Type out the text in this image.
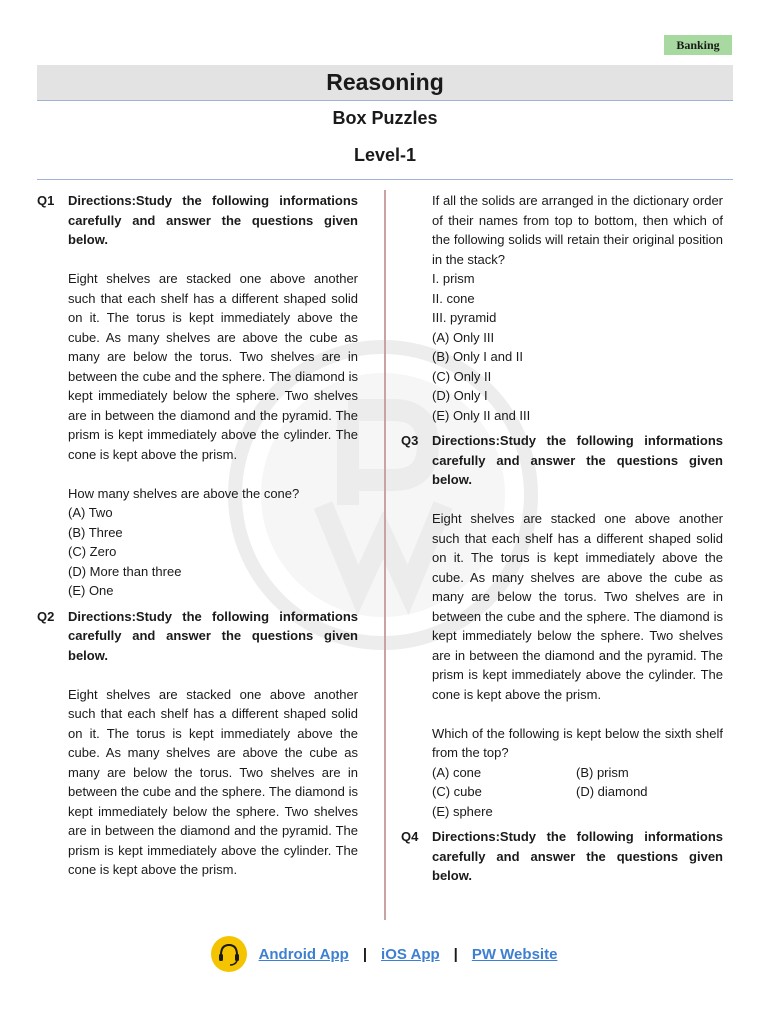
Banking
Reasoning
Box Puzzles
Level-1
Q1	Directions:Study the following informations carefully and answer the questions given below.
Eight shelves are stacked one above another such that each shelf has a different shaped solid on it. The torus is kept immediately above the cube. As many shelves are above the cube as many are below the torus. Two shelves are in between the cube and the sphere. The diamond is kept immediately below the sphere. Two shelves are in between the diamond and the pyramid. The prism is kept immediately above the cylinder. The cone is kept above the prism.
How many shelves are above the cone?
(A) Two
(B) Three
(C) Zero
(D) More than three
(E) One
Q2	Directions:Study the following informations carefully and answer the questions given below.
Eight shelves are stacked one above another such that each shelf has a different shaped solid on it. The torus is kept immediately above the cube. As many shelves are above the cube as many are below the torus. Two shelves are in between the cube and the sphere. The diamond is kept immediately below the sphere. Two shelves are in between the diamond and the pyramid. The prism is kept immediately above the cylinder. The cone is kept above the prism.
If all the solids are arranged in the dictionary order of their names from top to bottom, then which of the following solids will retain their original position in the stack?
I. prism
II. cone
III. pyramid
(A) Only III
(B) Only I and II
(C) Only II
(D) Only I
(E) Only II and III
Q3	Directions:Study the following informations carefully and answer the questions given below.
Eight shelves are stacked one above another such that each shelf has a different shaped solid on it. The torus is kept immediately above the cube. As many shelves are above the cube as many are below the torus. Two shelves are in between the cube and the sphere. The diamond is kept immediately below the sphere. Two shelves are in between the diamond and the pyramid. The prism is kept immediately above the cylinder. The cone is kept above the prism.
Which of the following is kept below the sixth shelf from the top?
(A) cone	(B) prism
(C) cube	(D) diamond
(E) sphere
Q4	Directions:Study the following informations carefully and answer the questions given below.
Android App | iOS App | PW Website
